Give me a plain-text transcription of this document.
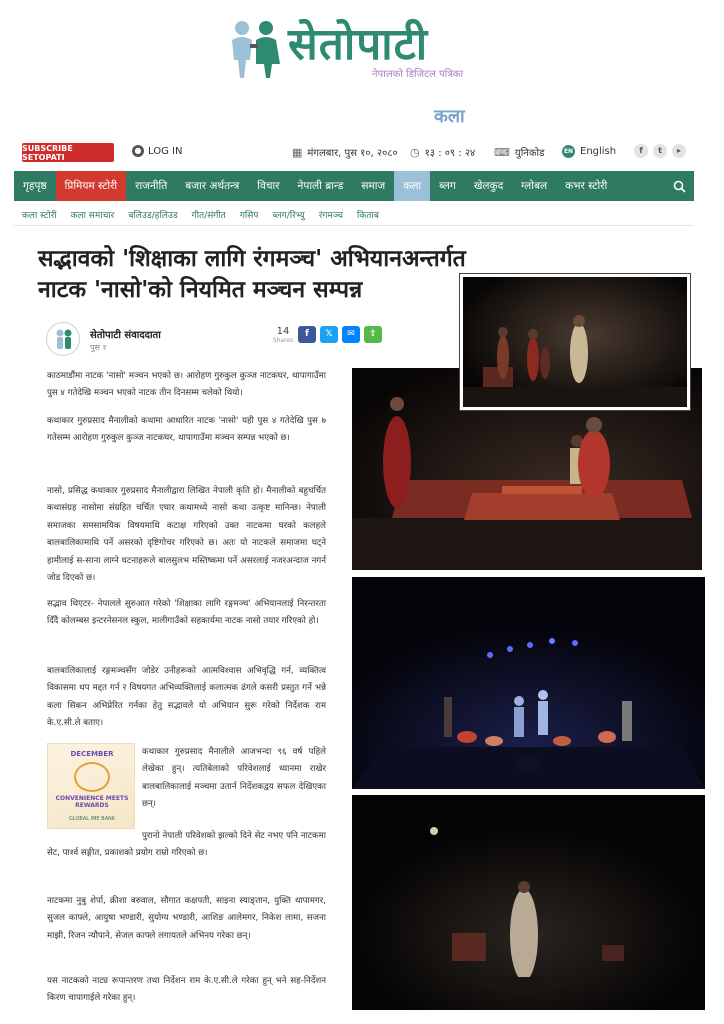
सेतोपाटी
नेपालको डिजिटल पत्रिका
कला
SUBSCRIBE SETOPATI
● LOG IN	▦ मंगलबार, पुस १०, २०८० ◷ १३ : ०९ : २४ ⌨ युनिकोड	EN English	f	t	▸
गृहपृष्ठ	प्रिमियम स्टोरी	राजनीति	बजार अर्थतन्त्र	विचार	नेपाली ब्रान्ड	समाज	कला	ब्लग	खेलकुद	ग्लोबल	कभर स्टोरी
कला स्टोरी कला समाचार बलिउड/हलिउड गीत/संगीत गसिप ब्लग/रिभ्यु रंगमञ्च किताब
सद्भावको 'शिक्षाका लागि रंगमञ्च' अभियानअन्तर्गत
नाटक 'नासो'को नियमित मञ्चन सम्पन्न
सेतोपाटी संवाददाता
पुस १
14
Shares
f	𝕏	✉	⇪
काठमाडौंमा नाटक 'नासो' मञ्चन भएको छ। आरोहण गुरुकुल कुञ्ज नाटकघर, थापागाउँमा पुस ४ गतेदेखि मञ्चन भएको नाटक तीन दिनसम्म चलेको थियो।
कथाकार गुरुप्रसाद मैनालीको कथामा आधारित नाटक 'नासो' यही पुस ४ गतेदेखि पुस ७ गतेसम्म आरोहण गुरुकुल कुञ्ज नाटकघर, थापागाउँमा मञ्चन सम्पन्न भएको छ।
नासो, प्रसिद्ध कथाकार गुरुप्रसाद मैनालीद्वारा लिखित नेपाली कृति हो। मैनालीको बहुचर्चित कथासंग्रह नासोमा संग्रहित चर्चित एघार कथामध्ये नासो कथा उत्कृष्ट मानिन्छ। नेपाली समाजका समसामयिक विषयमाथि कटाक्ष गरिएको उक्त नाटकमा घरको कलहले बालबालिकामाथि पर्ने असरको दृष्टिगोचर गरिएको छ। अतः यो नाटकले समाजमा घट्ने हामीलाई स-साना लाग्ने घटनाहरूले बालसुलभ मस्तिष्कमा पर्ने असरलाई नजरअन्दाज नगर्न जोड दिएको छ।
सद्भाव थिएटर- नेपालले सुरुआत गरेको 'शिक्षाका लागि रङ्गमञ्च' अभियानलाई निरन्तरता दिँदै कोलम्बस इन्टरनेसनल स्कुल, मालीगाउँको सहकार्यमा नाटक नासो तयार गरिएको हो।
बालबालिकालाई रङ्गमञ्चसँग जोडेर उनीहरूको आत्मविश्वास अभिवृद्धि गर्न, व्यक्तित्व विकासमा थप मद्दत गर्न र विषयगत अभिव्यक्तिलाई कलात्मक ढंगले कसरी प्रस्तुत गर्ने भन्ने कला सिकन अभिप्रेरित गर्नका हेतु सद्भावले यो अभियान सुरू गरेको निर्देशक राम के.ए.सी.ले बताए।
कथाकार गुरुप्रसाद मैनालीले आजभन्दा ९६ वर्ष पहिले लेखेका हुन्। त्यतिबेलाको परिवेशलाई ध्यानमा राखेर बालबालिकालाई मञ्चमा उतार्न निर्देशकद्वय सफल देखिएका छन्।
पुरानो नेपाली परिवेशको झल्को दिने सेट नभए पनि नाटकमा सेट, पार्श्व सङ्गीत, प्रकाशको प्रयोग राम्रो गरिएको छ।
नाटकमा नुबु शेर्पा, क्रीशा बरुवाल, सौगात कक्षपती, साइना स्याङ्तान, युक्ति थापामगर, सुजल काफ्ले, आयुषा भण्डारी, सुयोग्य भण्डारी, आशिङ आलेमगर, निकेश लामा, सजना माझी, रिजन न्यौपाने, सेजल काफ्ले लगायतले अभिनय गरेका छन्।
यस नाटकको नाट्य रूपान्तरण तथा निर्देशन राम के.ए.सी.ले गरेका हुन् भने सह-निर्देशन किरण चापागाईले गरेका हुन्।
DECEMBER
CONVENIENCE MEETS REWARDS
GLOBAL IME BANK
